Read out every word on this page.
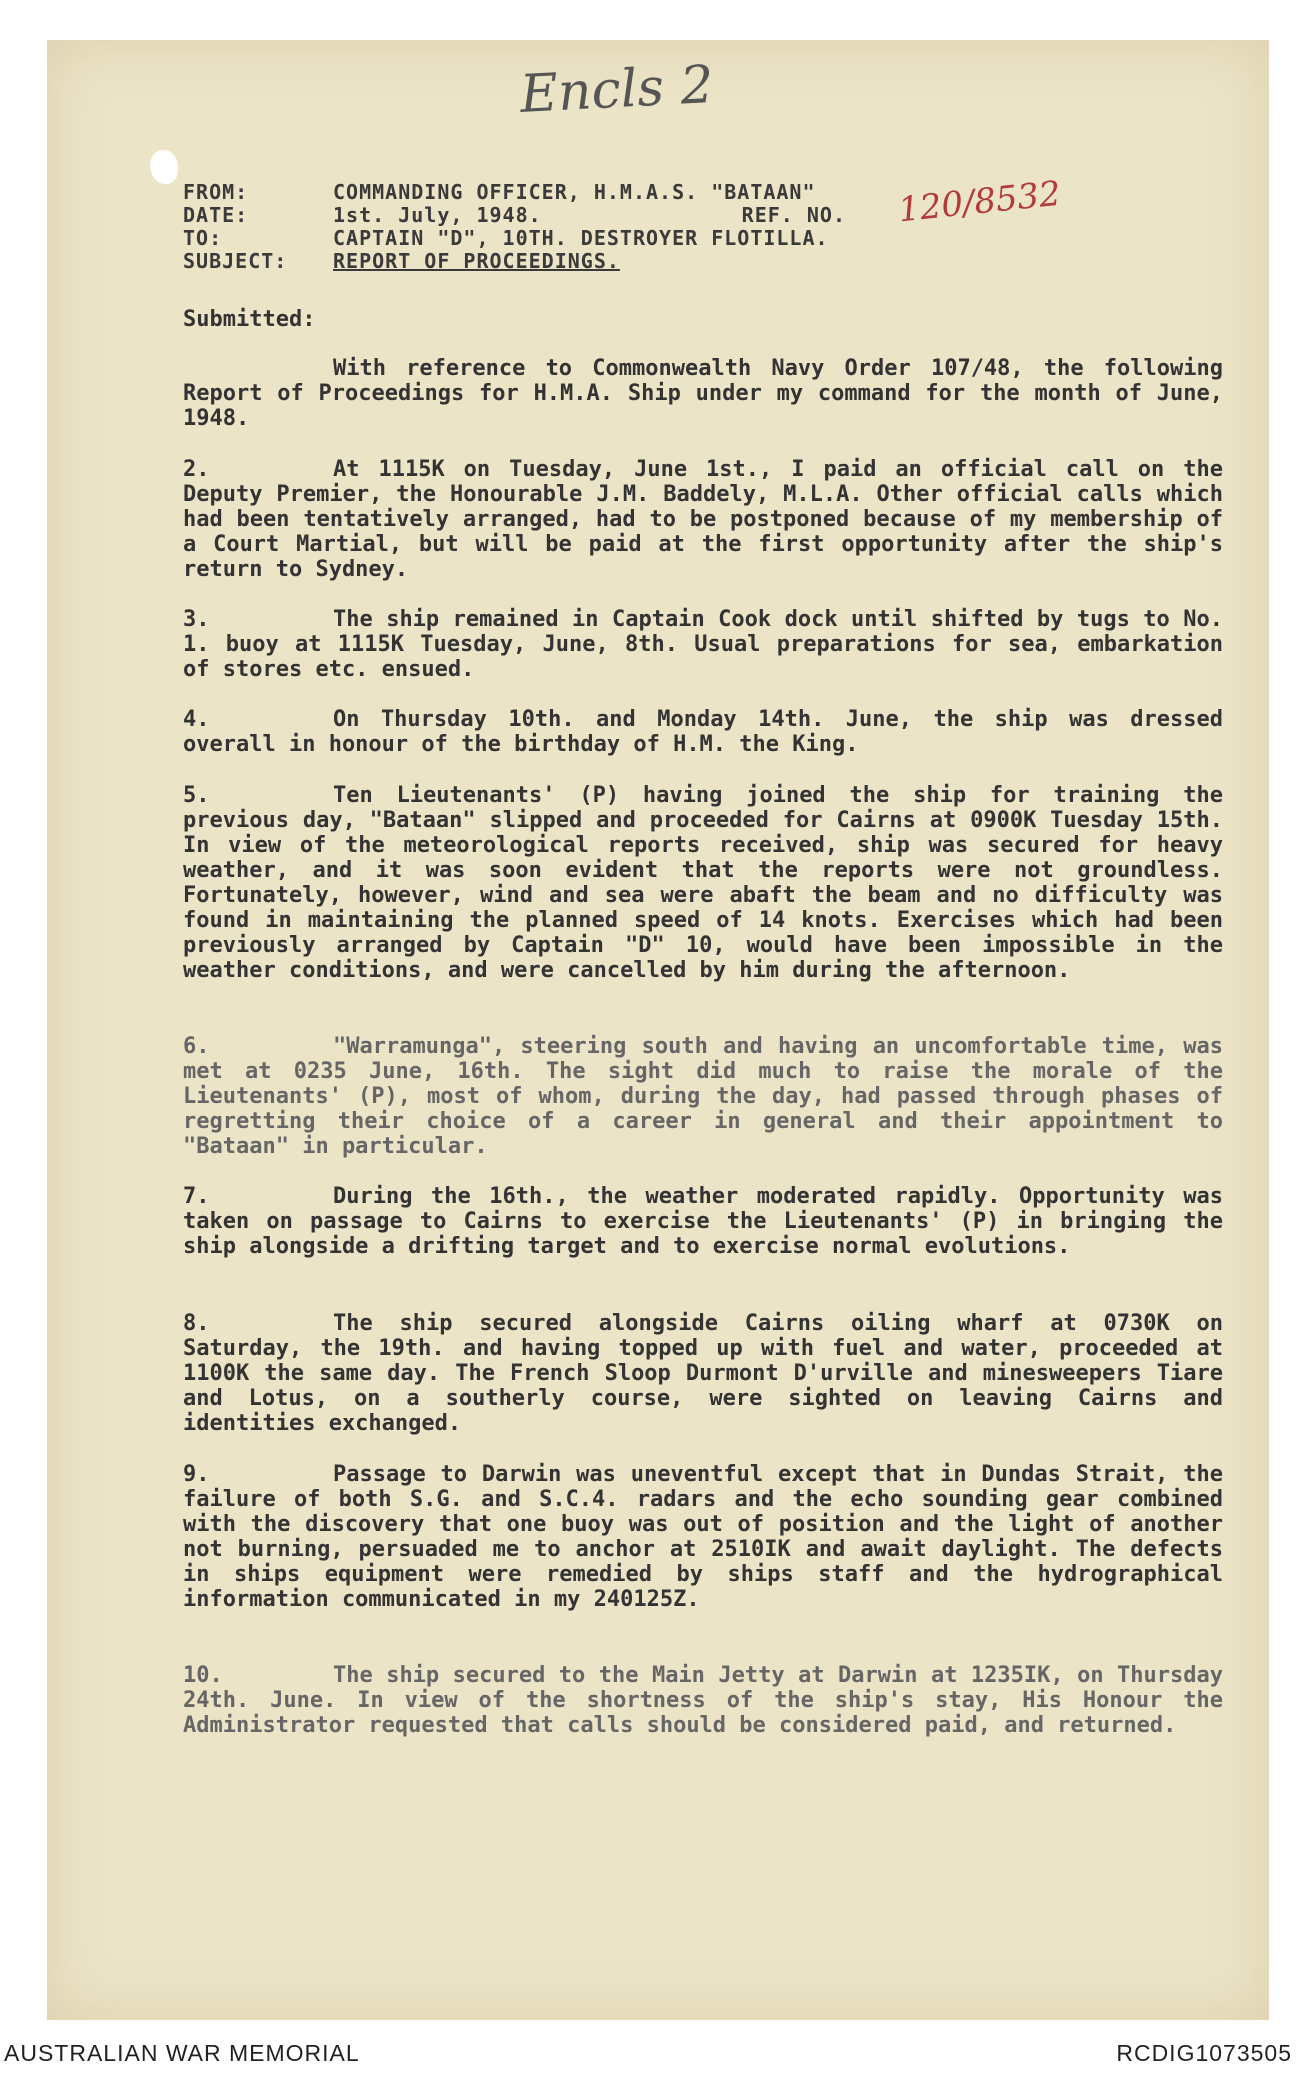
Encls 2
120/8532
FROM:	COMMANDING OFFICER, H.M.A.S. "BATAAN"
DATE:	1st. July, 1948.	REF. NO.
TO:	CAPTAIN "D", 10TH. DESTROYER FLOTILLA.
SUBJECT: REPORT OF PROCEEDINGS.
Submitted:

With reference to Commonwealth Navy Order 107/48, the following Report of Proceedings for H.M.A. Ship under my command for the month of June, 1948.

2.	At 1115K on Tuesday, June 1st., I paid an official call on the Deputy Premier, the Honourable J.M. Baddely, M.L.A. Other official calls which had been tentatively arranged, had to be postponed because of my membership of a Court Martial, but will be paid at the first opportunity after the ship's return to Sydney.

3.	The ship remained in Captain Cook dock until shifted by tugs to No. 1. buoy at 1115K Tuesday, June, 8th. Usual preparations for sea, embarkation of stores etc. ensued.

4.	On Thursday 10th. and Monday 14th. June, the ship was dressed overall in honour of the birthday of H.M. the King.

5.	Ten Lieutenants' (P) having joined the ship for training the previous day, "Bataan" slipped and proceeded for Cairns at 0900K Tuesday 15th. In view of the meteorological reports received, ship was secured for heavy weather, and it was soon evident that the reports were not groundless. Fortunately, however, wind and sea were abaft the beam and no difficulty was found in maintaining the planned speed of 14 knots. Exercises which had been previously arranged by Captain "D" 10, would have been impossible in the weather conditions, and were cancelled by him during the afternoon.

6.	"Warramunga", steering south and having an uncomfortable time, was met at 0235 June, 16th. The sight did much to raise the morale of the Lieutenants' (P), most of whom, during the day, had passed through phases of regretting their choice of a career in general and their appointment to "Bataan" in particular.

7.	During the 16th., the weather moderated rapidly. Opportunity was taken on passage to Cairns to exercise the Lieutenants' (P) in bringing the ship alongside a drifting target and to exercise normal evolutions.

8.	The ship secured alongside Cairns oiling wharf at 0730K on Saturday, the 19th. and having topped up with fuel and water, proceeded at 1100K the same day. The French Sloop Durmont D'urville and minesweepers Tiare and Lotus, on a southerly course, were sighted on leaving Cairns and identities exchanged.

9.	Passage to Darwin was uneventful except that in Dundas Strait, the failure of both S.G. and S.C.4. radars and the echo sounding gear combined with the discovery that one buoy was out of position and the light of another not burning, persuaded me to anchor at 2510IK and await daylight. The defects in ships equipment were remedied by ships staff and the hydrographical information communicated in my 240125Z.

10.	The ship secured to the Main Jetty at Darwin at 1235IK, on Thursday 24th. June. In view of the shortness of the ship's stay, His Honour the Administrator requested that calls should be considered paid, and returned.

AUSTRALIAN WAR MEMORIAL	RCDIG1073505
